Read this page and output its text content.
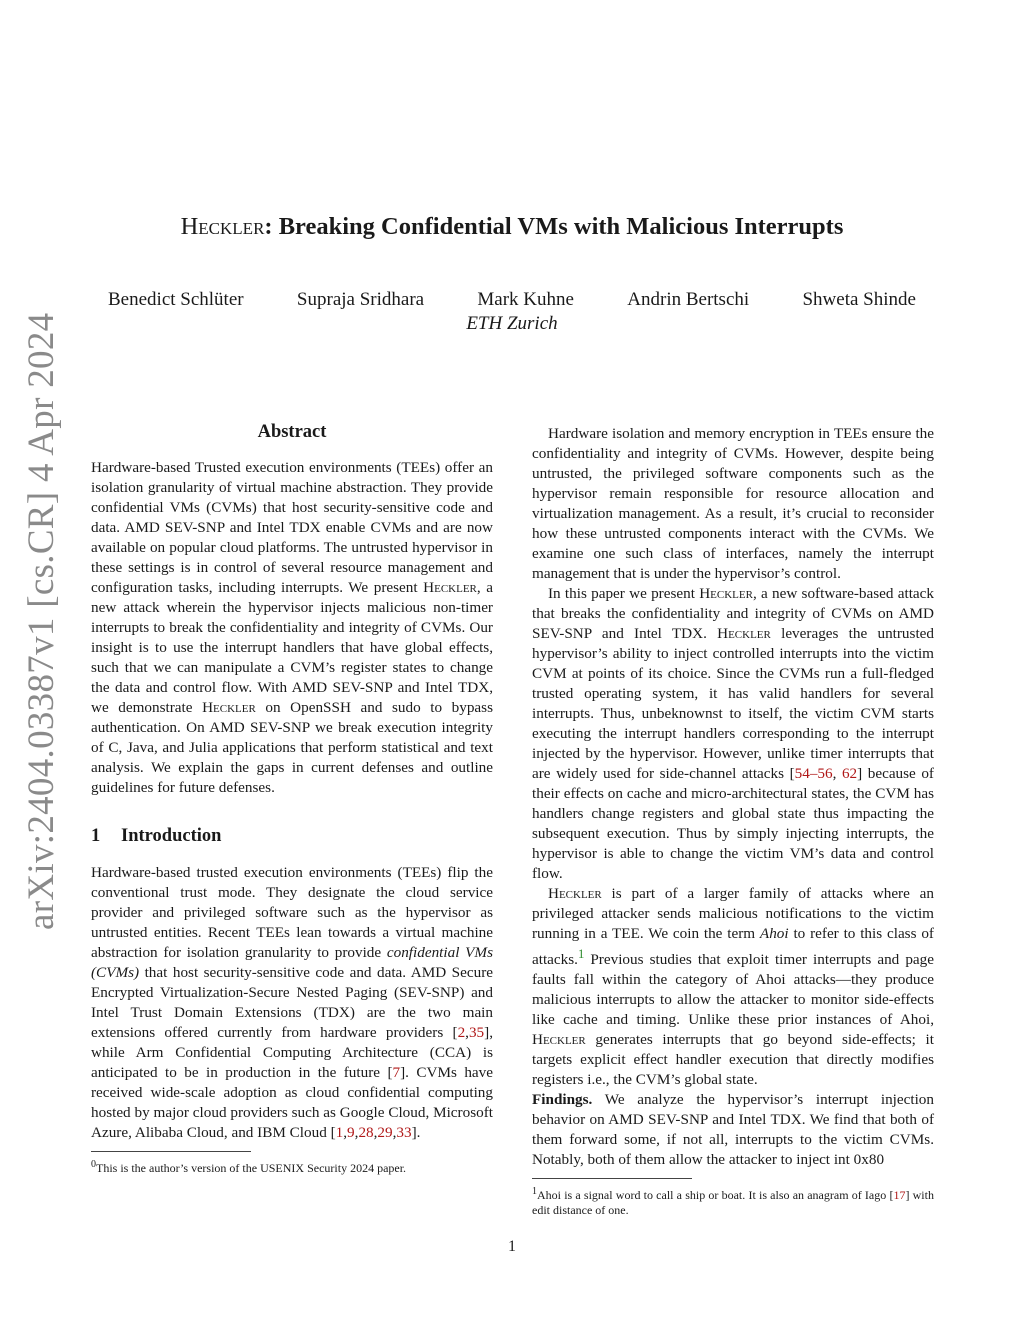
arXiv:2404.03387v1 [cs.CR] 4 Apr 2024
Heckler: Breaking Confidential VMs with Malicious Interrupts
Benedict Schlüter	Supraja Sridhara	Mark Kuhne	Andrin Bertschi	Shweta Shinde
ETH Zurich
Abstract

Hardware-based Trusted execution environments (TEEs) offer an isolation granularity of virtual machine abstraction. They provide confidential VMs (CVMs) that host security-sensitive code and data. AMD SEV-SNP and Intel TDX enable CVMs and are now available on popular cloud platforms. The untrusted hypervisor in these settings is in control of several resource management and configuration tasks, including interrupts. We present Heckler, a new attack wherein the hypervisor injects malicious non-timer interrupts to break the confidentiality and integrity of CVMs. Our insight is to use the interrupt handlers that have global effects, such that we can manipulate a CVM’s register states to change the data and control flow. With AMD SEV-SNP and Intel TDX, we demonstrate Heckler on OpenSSH and sudo to bypass authentication. On AMD SEV-SNP we break execution integrity of C, Java, and Julia applications that perform statistical and text analysis. We explain the gaps in current defenses and outline guidelines for future defenses.

1 Introduction

Hardware-based trusted execution environments (TEEs) flip the conventional trust mode. They designate the cloud service provider and privileged software such as the hypervisor as untrusted entities. Recent TEEs lean towards a virtual machine abstraction for isolation granularity to provide confidential VMs (CVMs) that host security-sensitive code and data. AMD Secure Encrypted Virtualization-Secure Nested Paging (SEV-SNP) and Intel Trust Domain Extensions (TDX) are the two main extensions offered currently from hardware providers [2,35], while Arm Confidential Computing Architecture (CCA) is anticipated to be in production in the future [7]. CVMs have received wide-scale adoption as cloud confidential computing hosted by major cloud providers such as Google Cloud, Microsoft Azure, Alibaba Cloud, and IBM Cloud [1,9,28,29,33].

$^0$This is the author’s version of the USENIX Security 2024 paper.

Hardware isolation and memory encryption in TEEs ensure the confidentiality and integrity of CVMs. However, despite being untrusted, the privileged software components such as the hypervisor remain responsible for resource allocation and virtualization management. As a result, it’s crucial to reconsider how these untrusted components interact with the CVMs. We examine one such class of interfaces, namely the interrupt management that is under the hypervisor’s control.

In this paper we present Heckler, a new software-based attack that breaks the confidentiality and integrity of CVMs on AMD SEV-SNP and Intel TDX. Heckler leverages the untrusted hypervisor’s ability to inject controlled interrupts into the victim CVM at points of its choice. Since the CVMs run a full-fledged trusted operating system, it has valid handlers for several interrupts. Thus, unbeknownst to itself, the victim CVM starts executing the interrupt handlers corresponding to the interrupt injected by the hypervisor. However, unlike timer interrupts that are widely used for side-channel attacks [54–56, 62] because of their effects on cache and micro-architectural states, the CVM has handlers change registers and global state thus impacting the subsequent execution. Thus by simply injecting interrupts, the hypervisor is able to change the victim VM’s data and control flow.

Heckler is part of a larger family of attacks where an privileged attacker sends malicious notifications to the victim running in a TEE. We coin the term Ahoi to refer to this class of attacks.$^1$ Previous studies that exploit timer interrupts and page faults fall within the category of Ahoi attacks—they produce malicious interrupts to allow the attacker to monitor side-effects like cache and timing. Unlike these prior instances of Ahoi, Heckler generates interrupts that go beyond side-effects; it targets explicit effect handler execution that directly modifies registers i.e., the CVM’s global state.

Findings. We analyze the hypervisor’s interrupt injection behavior on AMD SEV-SNP and Intel TDX. We find that both of them forward some, if not all, interrupts to the victim CVMs. Notably, both of them allow the attacker to inject int 0x80

$^1$Ahoi is a signal word to call a ship or boat. It is also an anagram of Iago [17] with edit distance of one.

1
